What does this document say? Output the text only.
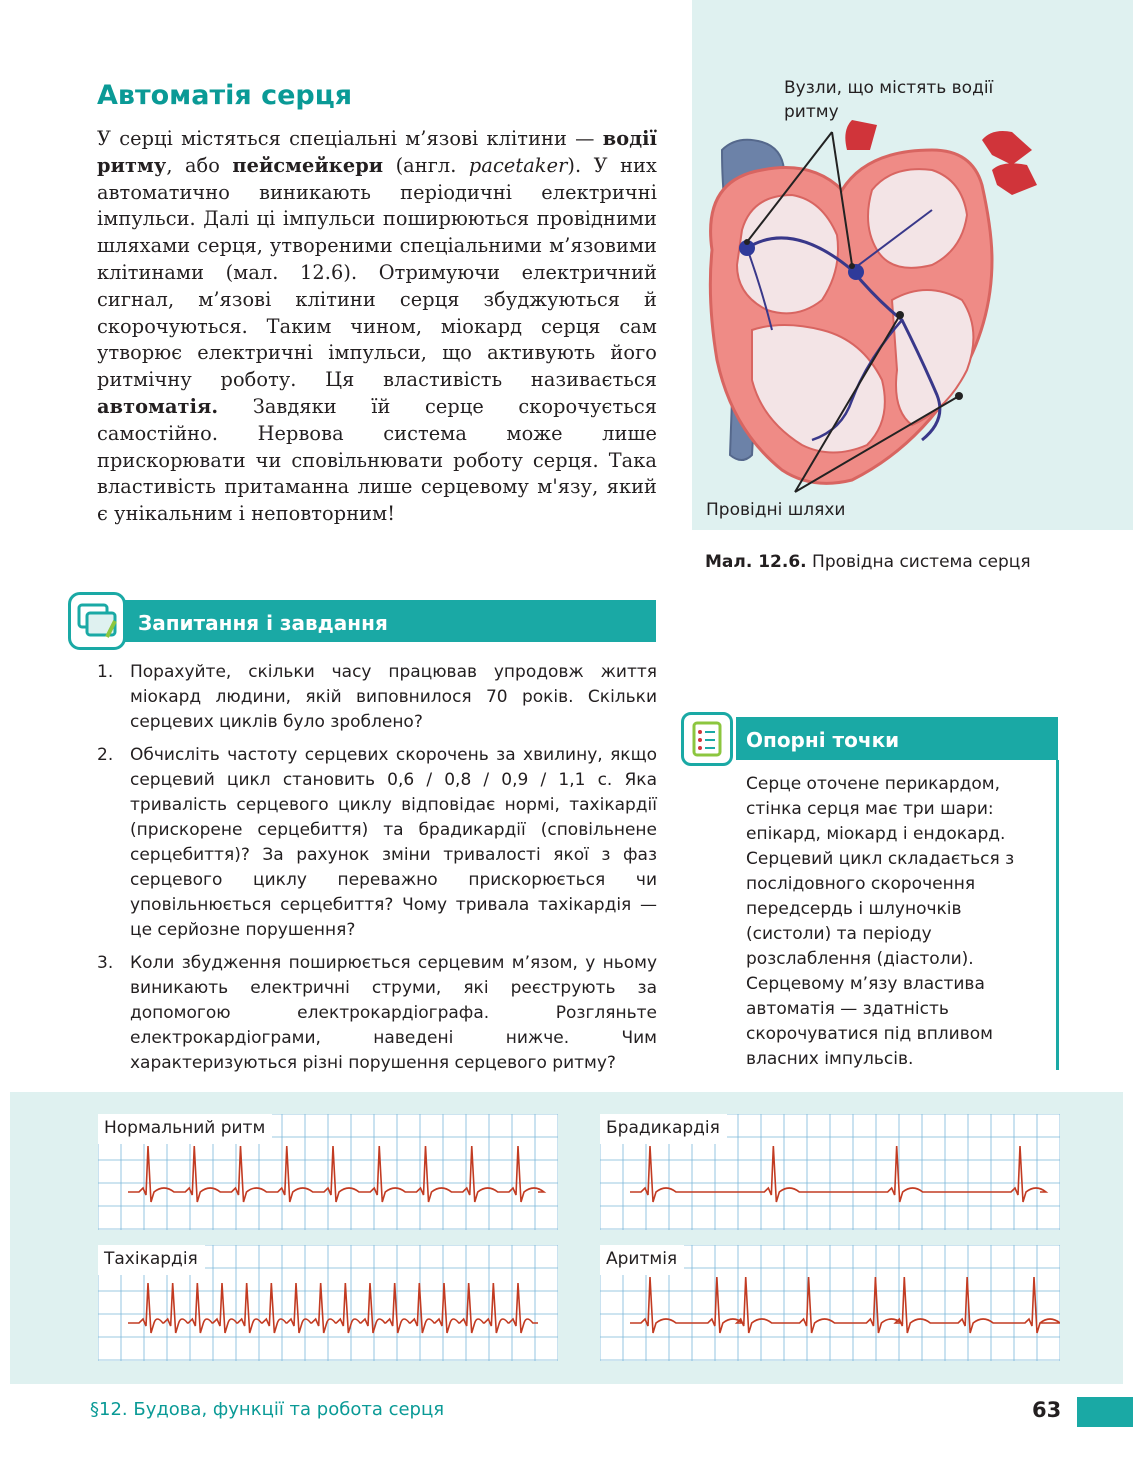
Вузли, що містять водії ритму
Провідні шляхи
Мал. 12.6. Провідна система серця
Автоматія серця

У серці містяться спеціальні м’язові клітини — водії ритму, або пейсмейкери (англ. pacetaker). У них автоматично виникають періодичні електричні імпульси. Далі ці імпульси поширюються провідними шляхами серця, утвореними спеціальними м’язовими клітинами (мал. 12.6). Отримуючи електричний сигнал, м’язові клітини серця збуджуються й скорочуються. Таким чином, міокард серця сам утворює електричні імпульси, що активують його ритмічну роботу. Ця властивість називається автоматія. Завдяки їй серце скорочується самостійно. Нервова система може лише прискорювати чи сповільнювати роботу серця. Така властивість притаманна лише серцевому м'язу, який є унікальним і неповторним!

Запитання і завдання
1. Порахуйте, скільки часу працював упродовж життя міокард людини, якій виповнилося 70 років. Скільки серцевих циклів було зроблено?
2. Обчисліть частоту серцевих скорочень за хвилину, якщо серцевий цикл становить 0,6 / 0,8 / 0,9 / 1,1 с. Яка тривалість серцевого циклу відповідає нормі, тахікардії (прискорене серцебиття) та брадикардії (сповільнене серцебиття)? За рахунок зміни тривалості якої з фаз серцевого циклу переважно прискорюється чи уповільнюється серцебиття? Чому тривала тахікардія — це серйозне порушення?
3. Коли збудження поширюється серцевим м’язом, у ньому виникають електричні струми, які реєструють за допомогою електрокардіографа. Розгляньте електрокардіограми, наведені нижче. Чим характеризуються різні порушення серцевого ритму?
Опорні точки
Серце оточене перикардом, стінка серця має три шари: епікард, міокард і ендокард. Серцевий цикл складається з послідовного скорочення передсердь і шлуночків (систоли) та періоду розслаблення (діастоли). Серцевому м’язу властива автоматія — здатність скорочуватися під впливом власних імпульсів.
Нормальний ритм	Брадикардія
Тахікардія	Аритмія
§12. Будова, функції та робота серця	63
